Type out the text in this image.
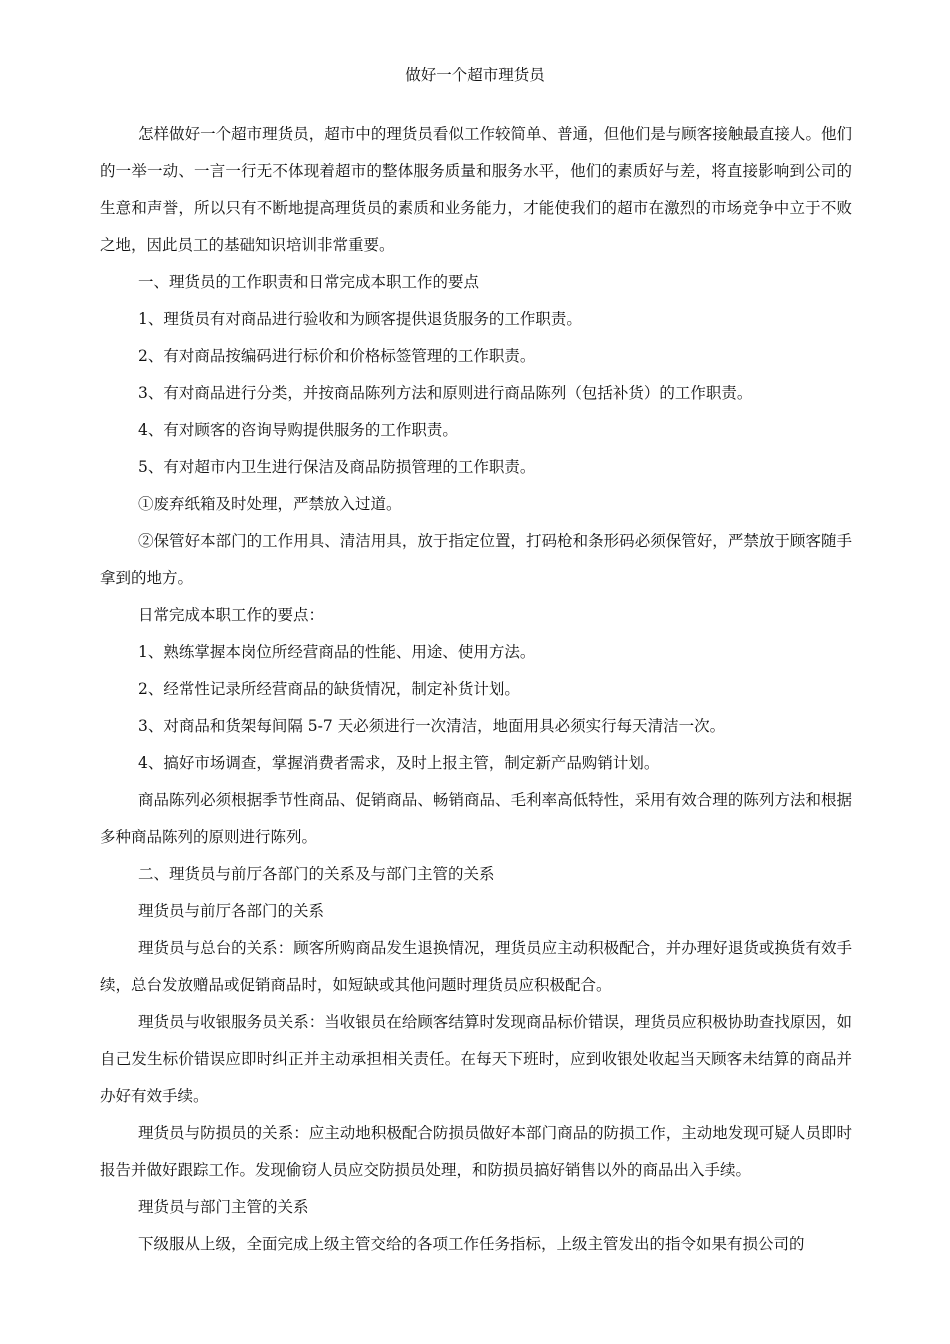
做好一个超市理货员

怎样做好一个超市理货员，超市中的理货员看似工作较简单、普通，但他们是与顾客接触最直接人。他们的一举一动、一言一行无不体现着超市的整体服务质量和服务水平，他们的素质好与差，将直接影响到公司的生意和声誉，所以只有不断地提高理货员的素质和业务能力，才能使我们的超市在激烈的市场竞争中立于不败之地，因此员工的基础知识培训非常重要。

一、理货员的工作职责和日常完成本职工作的要点

1、理货员有对商品进行验收和为顾客提供退货服务的工作职责。

2、有对商品按编码进行标价和价格标签管理的工作职责。

3、有对商品进行分类，并按商品陈列方法和原则进行商品陈列（包括补货）的工作职责。

4、有对顾客的咨询导购提供服务的工作职责。

5、有对超市内卫生进行保洁及商品防损管理的工作职责。

①废弃纸箱及时处理，严禁放入过道。

②保管好本部门的工作用具、清洁用具，放于指定位置，打码枪和条形码必须保管好，严禁放于顾客随手拿到的地方。

日常完成本职工作的要点：

1、熟练掌握本岗位所经营商品的性能、用途、使用方法。

2、经常性记录所经营商品的缺货情况，制定补货计划。

3、对商品和货架每间隔 5-7 天必须进行一次清洁，地面用具必须实行每天清洁一次。

4、搞好市场调查，掌握消费者需求，及时上报主管，制定新产品购销计划。

商品陈列必须根据季节性商品、促销商品、畅销商品、毛利率高低特性，采用有效合理的陈列方法和根据多种商品陈列的原则进行陈列。

二、理货员与前厅各部门的关系及与部门主管的关系

理货员与前厅各部门的关系

理货员与总台的关系：顾客所购商品发生退换情况，理货员应主动积极配合，并办理好退货或换货有效手续，总台发放赠品或促销商品时，如短缺或其他问题时理货员应积极配合。

理货员与收银服务员关系：当收银员在给顾客结算时发现商品标价错误，理货员应积极协助查找原因，如自己发生标价错误应即时纠正并主动承担相关责任。在每天下班时，应到收银处收起当天顾客未结算的商品并办好有效手续。

理货员与防损员的关系：应主动地积极配合防损员做好本部门商品的防损工作，主动地发现可疑人员即时报告并做好跟踪工作。发现偷窃人员应交防损员处理，和防损员搞好销售以外的商品出入手续。

理货员与部门主管的关系

下级服从上级，全面完成上级主管交给的各项工作任务指标，上级主管发出的指令如果有损公司的
